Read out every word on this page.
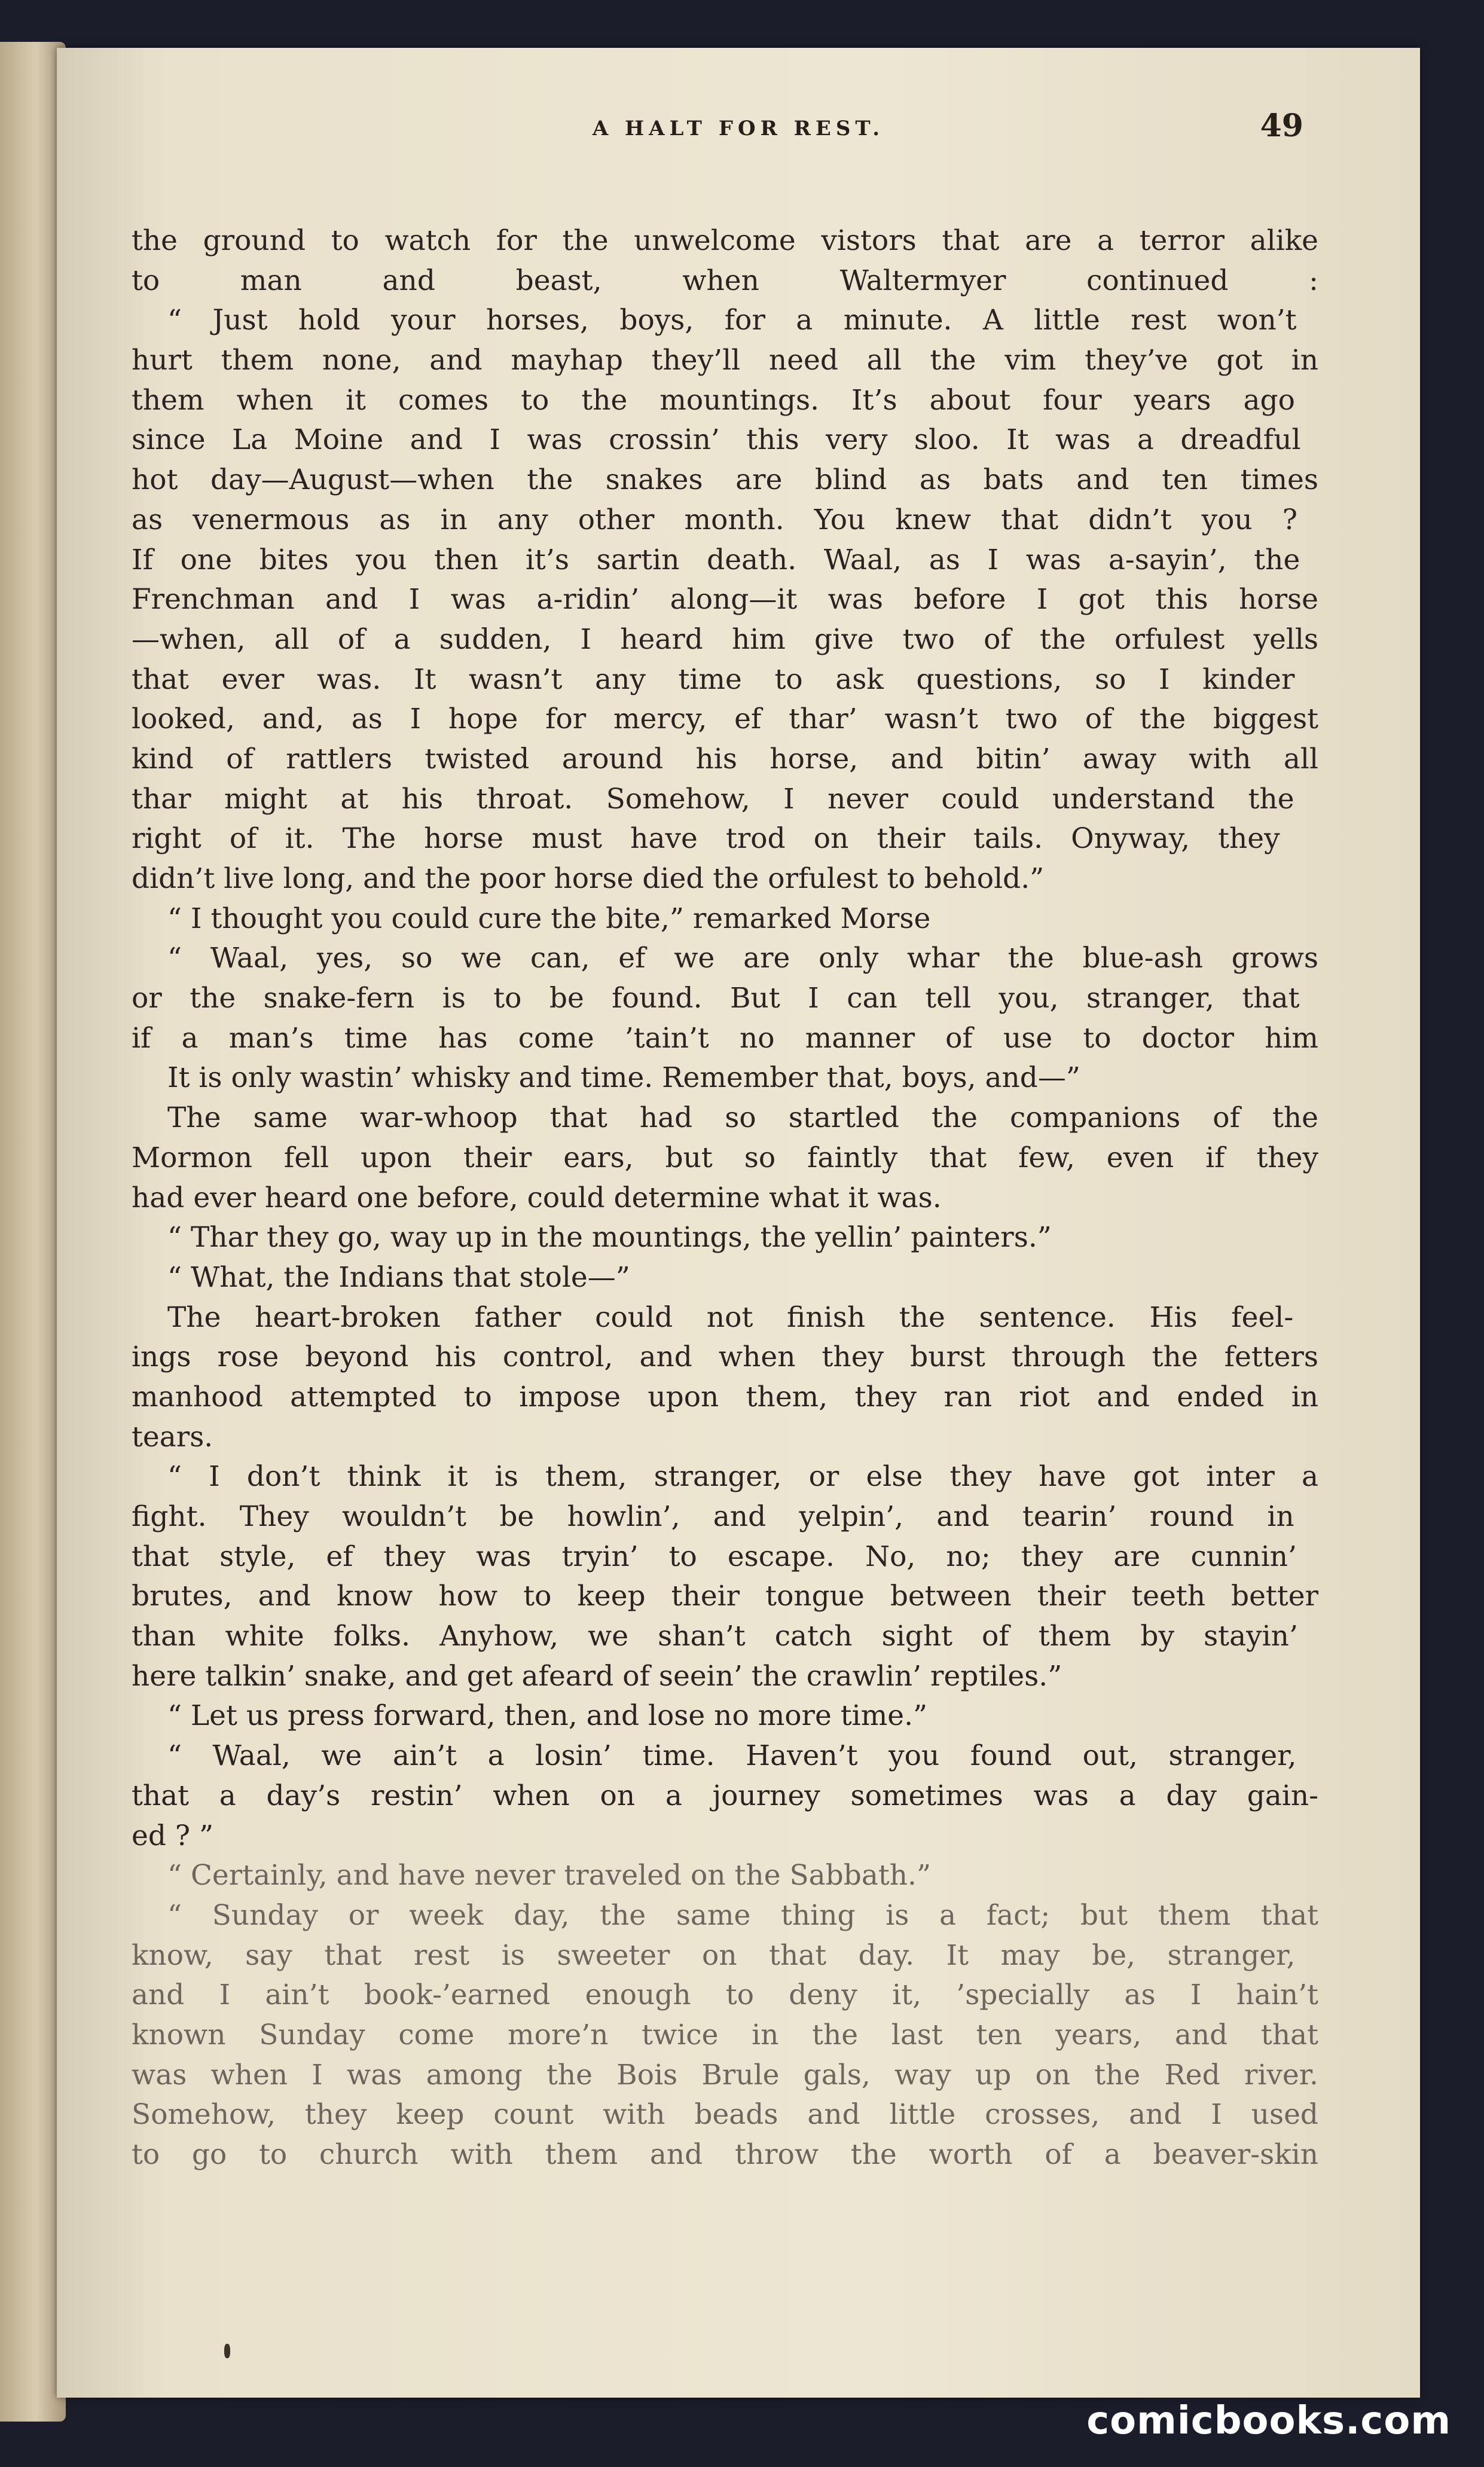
A HALT FOR REST.	49
the ground to watch for the unwelcome vistors that are a terror alike
to man and beast, when Waltermyer continued :
“ Just hold your horses, boys, for a minute. A little rest won’t
hurt them none, and mayhap they’ll need all the vim they’ve got in
them when it comes to the mountings. It’s about four years ago
since La Moine and I was crossin’ this very sloo. It was a dreadful
hot day—August—when the snakes are blind as bats and ten times
as venermous as in any other month. You knew that didn’t you ?
If one bites you then it’s sartin death. Waal, as I was a-sayin’, the
Frenchman and I was a-ridin’ along—it was before I got this horse
—when, all of a sudden, I heard him give two of the orfulest yells
that ever was. It wasn’t any time to ask questions, so I kinder
looked, and, as I hope for mercy, ef thar’ wasn’t two of the biggest
kind of rattlers twisted around his horse, and bitin’ away with all
thar might at his throat. Somehow, I never could understand the
right of it. The horse must have trod on their tails. Onyway, they
didn’t live long, and the poor horse died the orfulest to behold.”
“ I thought you could cure the bite,” remarked Morse
“ Waal, yes, so we can, ef we are only whar the blue-ash grows
or the snake-fern is to be found. But I can tell you, stranger, that
if a man’s time has come ’tain’t no manner of use to doctor him
It is only wastin’ whisky and time. Remember that, boys, and—”
The same war-whoop that had so startled the companions of the
Mormon fell upon their ears, but so faintly that few, even if they
had ever heard one before, could determine what it was.
“ Thar they go, way up in the mountings, the yellin’ painters.”
“ What, the Indians that stole—”
The heart-broken father could not finish the sentence. His feel-
ings rose beyond his control, and when they burst through the fetters
manhood attempted to impose upon them, they ran riot and ended in
tears.
“ I don’t think it is them, stranger, or else they have got inter a
fight. They wouldn’t be howlin’, and yelpin’, and tearin’ round in
that style, ef they was tryin’ to escape. No, no; they are cunnin’
brutes, and know how to keep their tongue between their teeth better
than white folks. Anyhow, we shan’t catch sight of them by stayin’
here talkin’ snake, and get afeard of seein’ the crawlin’ reptiles.”
“ Let us press forward, then, and lose no more time.”
“ Waal, we ain’t a losin’ time. Haven’t you found out, stranger,
that a day’s restin’ when on a journey sometimes was a day gain-
ed ? ”
“ Certainly, and have never traveled on the Sabbath.”
“ Sunday or week day, the same thing is a fact; but them that
know, say that rest is sweeter on that day. It may be, stranger,
and I ain’t book-’earned enough to deny it, ’specially as I hain’t
known Sunday come more’n twice in the last ten years, and that
was when I was among the Bois Brule gals, way up on the Red river.
Somehow, they keep count with beads and little crosses, and I used
to go to church with them and throw the worth of a beaver-skin
comicbooks.com
